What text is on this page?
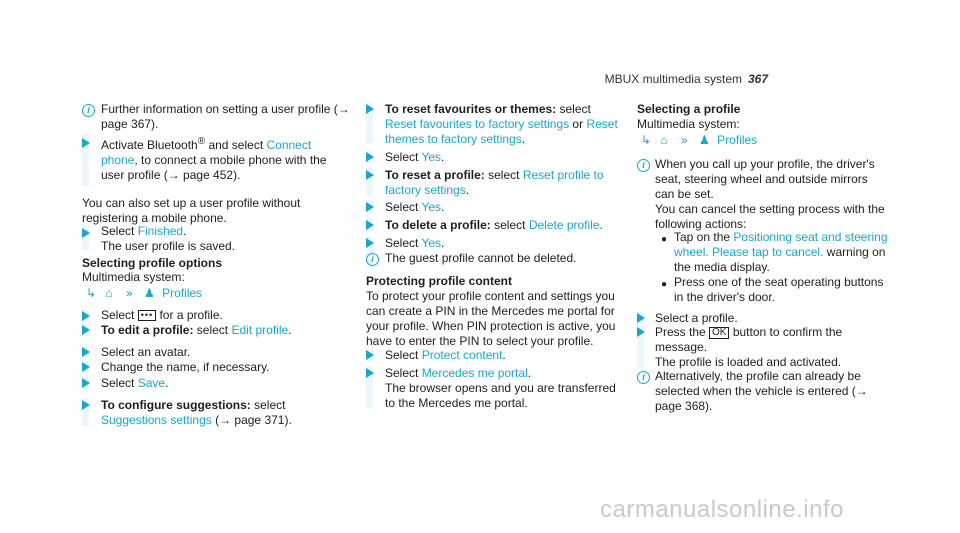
MBUX multimedia system 367
i Further information on setting a user profile (→ page 367).

Activate Bluetooth® and select Connect phone, to connect a mobile phone with the user profile (→ page 452).

You can also set up a user profile without registering a mobile phone.

Select Finished.
The user profile is saved.

Selecting profile options

Multimedia system:

↳ ⌂ » ♟ Profiles

Select ••• for a profile.

To edit a profile: select Edit profile.

Select an avatar.

Change the name, if necessary.

Select Save.

To configure suggestions: select Suggestions settings (→ page 371).

To reset favourites or themes: select Reset favourites to factory settings or Reset themes to factory settings.

Select Yes.

To reset a profile: select Reset profile to factory settings.

Select Yes.

To delete a profile: select Delete profile.

Select Yes.

i The guest profile cannot be deleted.

Protecting profile content

To protect your profile content and settings you can create a PIN in the Mercedes me portal for your profile. When PIN protection is active, you have to enter the PIN to select your profile.

Select Protect content.

Select Mercedes me portal.
The browser opens and you are transferred to the Mercedes me portal.

Selecting a profile

Multimedia system:

↳ ⌂ » ♟ Profiles
i When you call up your profile, the driver's seat, steering wheel and outside mirrors can be set.

You can cancel the setting process with the following actions:

● Tap on the Positioning seat and steering wheel. Please tap to cancel. warning on the media display.

● Press one of the seat operating buttons in the driver's door.

Select a profile.

Press the OK button to confirm the message.
The profile is loaded and activated.

i Alternatively, the profile can already be selected when the vehicle is entered (→ page 368).

carmanualsonline.info
